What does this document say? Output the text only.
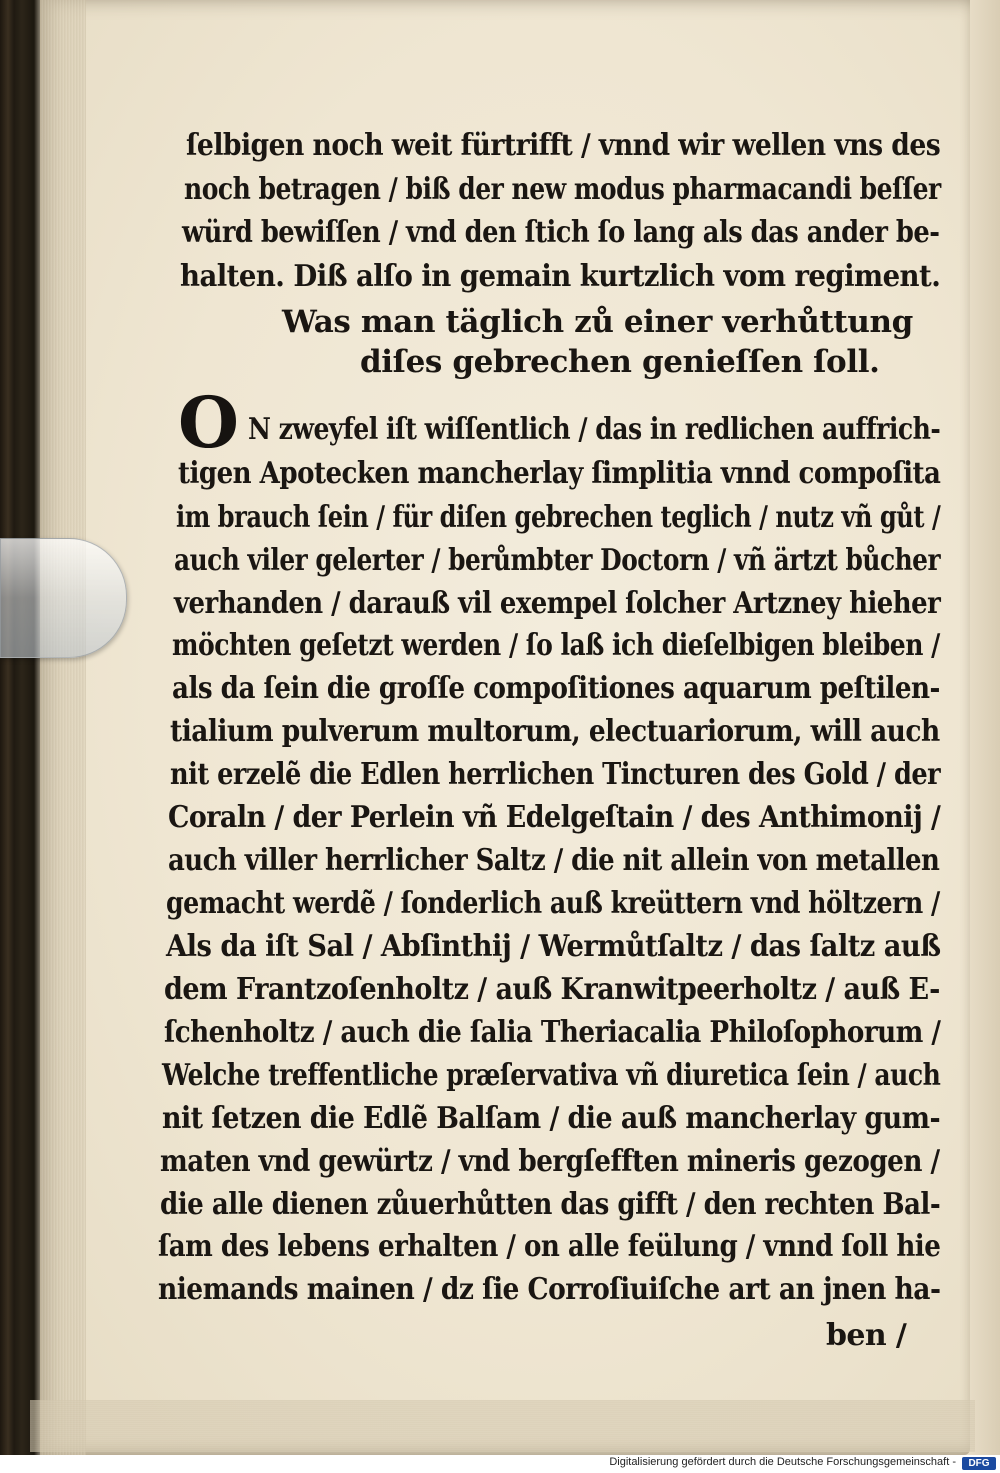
ſelbigen noch weit fürtrifft / vnnd wir wellen vns des
noch betragen / biß der new modus pharmacandi beſſer
würd bewiſſen / vnd den ſtich ſo lang als das ander be-
halten. Diß alſo in gemain kurtzlich vom regiment.
Was man täglich zů einer verhůttung
diſes gebrechen genieſſen ſoll.
O N zweyfel iſt wiſſentlich / das in redlichen auffrich-
tigen Apotecken mancherlay ſimplitia vnnd compoſita
im brauch ſein / für diſen gebrechen teglich / nutz vñ gůt /
auch viler gelerter / berůmbter Doctorn / vñ ärtzt bůcher
verhanden / darauß vil exempel ſolcher Artzney hieher
möchten geſetzt werden / ſo laß ich dieſelbigen bleiben /
als da ſein die groſſe compoſitiones aquarum peſtilen-
tialium pulverum multorum, electuariorum, will auch
nit erzelẽ die Edlen herrlichen Tincturen des Gold / der
Coraln / der Perlein vñ Edelgeſtain / des Anthimonij /
auch viller herrlicher Saltz / die nit allein von metallen
gemacht werdẽ / ſonderlich auß kreüttern vnd höltzern /
Als da iſt Sal / Abſinthij / Wermůtſaltz / das ſaltz auß
dem Frantzoſenholtz / auß Kranwitpeerholtz / auß E-
ſchenholtz / auch die ſalia Theriacalia Philoſophorum /
Welche treffentliche præſervativa vñ diuretica ſein / auch
nit ſetzen die Edlẽ Balſam / die auß mancherlay gum-
maten vnd gewürtz / vnd bergſefften mineris gezogen /
die alle dienen zůuerhůtten das gifft / den rechten Bal-
ſam des lebens erhalten / on alle feülung / vnnd ſoll hie
niemands mainen / dz ſie Corroſiuiſche art an jnen ha-
ben /
Digitalisierung gefördert durch die Deutsche Forschungsgemeinschaft -	DFG
